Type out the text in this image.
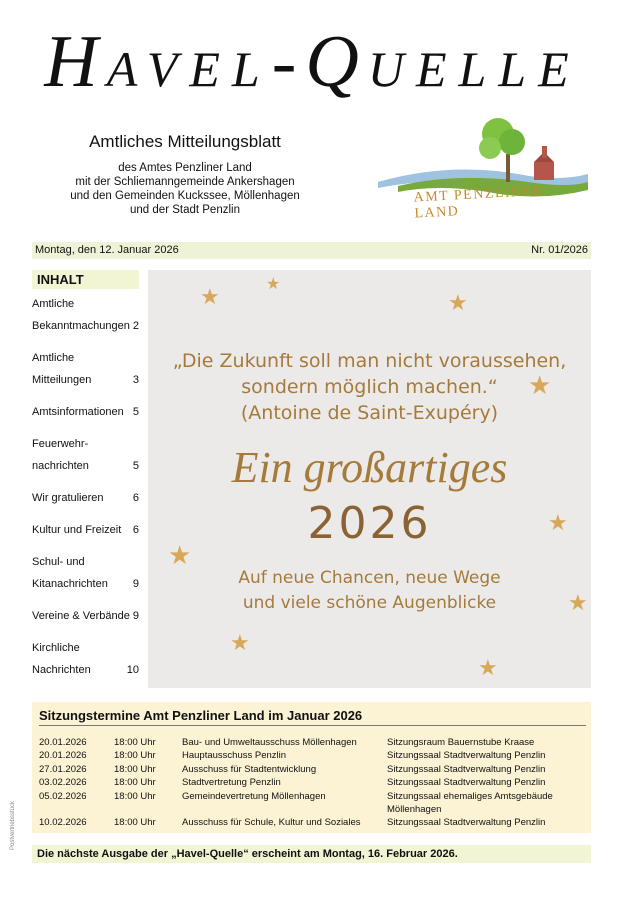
HAVEL-QUELLE
Amtliches Mitteilungsblatt
des Amtes Penzliner Land
mit der Schliemanngemeinde Ankershagen
und den Gemeinden Kuckssee, Möllenhagen
und der Stadt Penzlin
AMT PENZLINER LAND
Montag, den 12. Januar 2026	Nr. 01/2026
INHALT
Amtliche
Bekanntmachungen 2
Amtliche
Mitteilungen	3
Amtsinformationen 5
Feuerwehr-
nachrichten	5
Wir gratulieren	6
Kultur und Freizeit 6
Schul- und
Kitanachrichten 9
Vereine & Verbände 9
Kirchliche
Nachrichten	10
★	★
★
★
★
★
★
★
★
„Die Zukunft soll man nicht voraussehen,
sondern möglich machen.“
(Antoine de Saint-Exupéry)
Ein großartiges
2026
Auf neue Chancen, neue Wege
und viele schöne Augenblicke
Sitzungstermine Amt Penzliner Land im Januar 2026
20.01.2026	18:00 Uhr	Bau- und Umweltausschuss Möllenhagen	Sitzungsraum Bauernstube Kraase
20.01.2026	18:00 Uhr	Hauptausschuss Penzlin	Sitzungssaal Stadtverwaltung Penzlin
27.01.2026	18:00 Uhr	Ausschuss für Stadtentwicklung	Sitzungssaal Stadtverwaltung Penzlin
03.02.2026	18:00 Uhr	Stadtvertretung Penzlin	Sitzungssaal Stadtverwaltung Penzlin
05.02.2026	18:00 Uhr	Gemeindevertretung Möllenhagen	Sitzungssaal ehemaliges Amtsgebäude Möllenhagen
10.02.2026	18:00 Uhr	Ausschuss für Schule, Kultur und Soziales	Sitzungssaal Stadtverwaltung Penzlin
Die nächste Ausgabe der „Havel-Quelle“ erscheint am Montag, 16. Februar 2026.
Postvertriebsstück
